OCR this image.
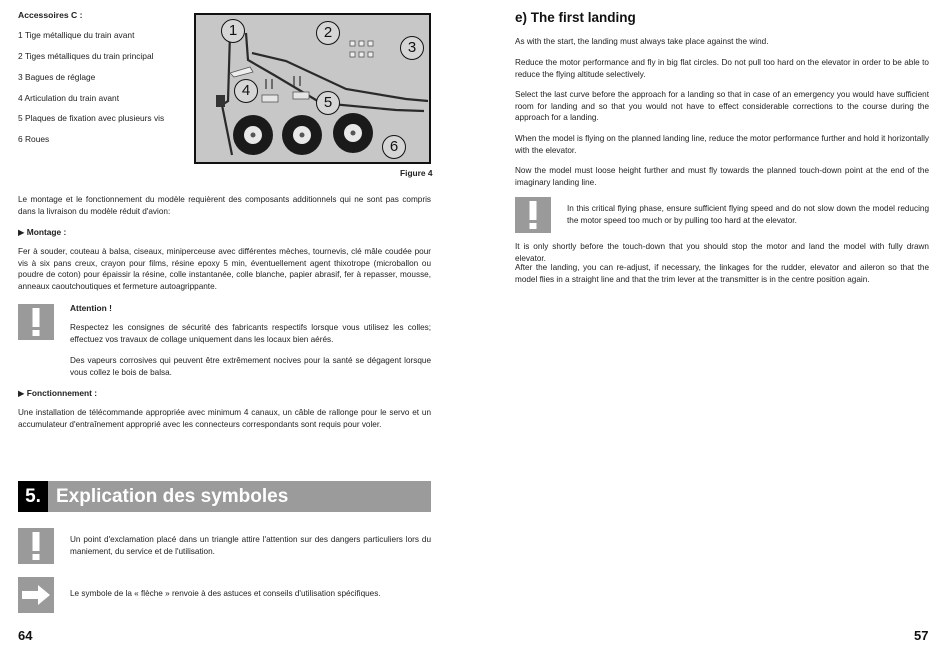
Accessoires C :
1 Tige métallique du train avant
2 Tiges métalliques du train principal
3 Bagues de réglage
4 Articulation du train avant
5 Plaques de fixation avec plusieurs vis
6 Roues
1	2
3
4
5
6
Figure 4

Le montage et le fonctionnement du modèle requièrent des composants additionnels qui ne sont pas compris dans la livraison du modèle réduit d'avion:

▶ Montage :

Fer à souder, couteau à balsa, ciseaux, miniperceuse avec différentes mèches, tournevis, clé mâle coudée pour vis à six pans creux, crayon pour films, résine epoxy 5 min, éventuellement agent thixotrope (microballon ou poudre de coton) pour épaissir la résine, colle instantanée, colle blanche, papier abrasif, fer à repasser, mousse, anneaux caoutchoutiques et fermeture autoagrippante.

Attention !

Respectez les consignes de sécurité des fabricants respectifs lorsque vous utilisez les colles; effectuez vos travaux de collage uniquement dans les locaux bien aérés.

Des vapeurs corrosives qui peuvent être extrêmement nocives pour la santé se dégagent lorsque vous collez le bois de balsa.

▶ Fonctionnement :

Une installation de télécommande appropriée avec minimum 4 canaux, un câble de rallonge pour le servo et un accumulateur d'entraînement approprié avec les connecteurs correspondants sont requis pour voler.

5. Explication des symboles

Un point d'exclamation placé dans un triangle attire l'attention sur des dangers particuliers lors du maniement, du service et de l'utilisation.

Le symbole de la « flèche » renvoie à des astuces et conseils d'utilisation spécifiques.

64
e) The first landing

As with the start, the landing must always take place against the wind.

Reduce the motor performance and fly in big flat circles. Do not pull too hard on the elevator in order to be able to reduce the flying altitude selectively.

Select the last curve before the approach for a landing so that in case of an emergency you would have sufficient room for landing and so that you would not have to effect considerable corrections to the course during the approach for a landing.

When the model is flying on the planned landing line, reduce the motor performance further and hold it horizontally with the elevator.

Now the model must loose height further and must fly towards the planned touch-down point at the end of the imaginary landing line.

In this critical flying phase, ensure sufficient flying speed and do not slow down the model reducing the motor speed too much or by pulling too hard at the elevator.

It is only shortly before the touch-down that you should stop the motor and land the model with fully drawn elevator.

After the landing, you can re-adjust, if necessary, the linkages for the rudder, elevator and aileron so that the model flies in a straight line and that the trim lever at the transmitter is in the centre position again.

57
